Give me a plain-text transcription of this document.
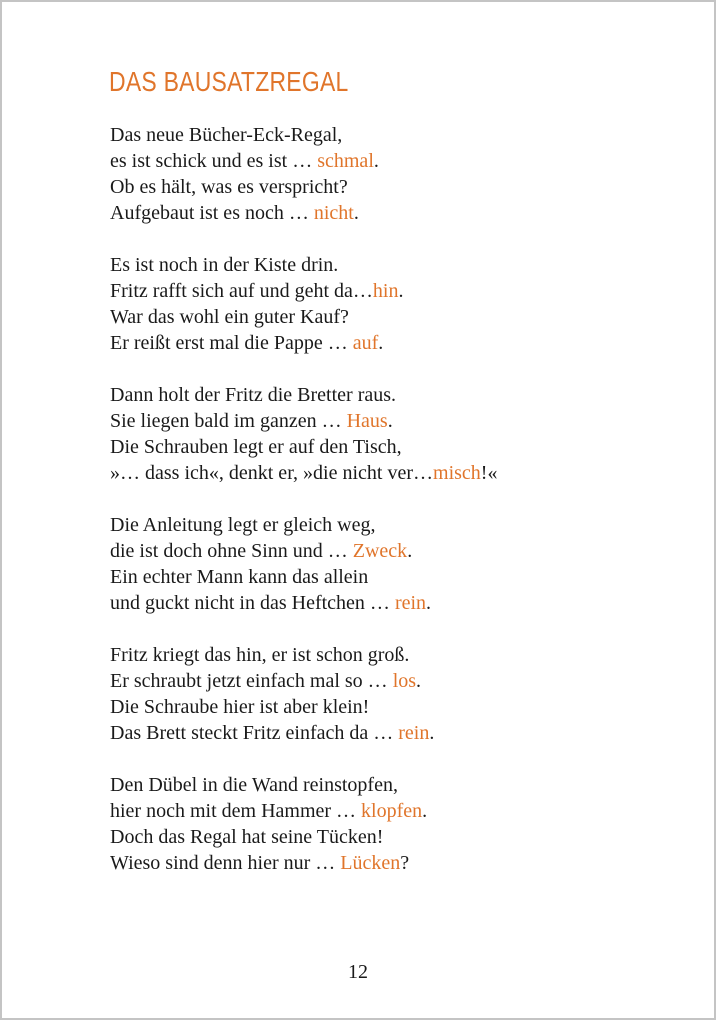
DAS BAUSATZREGAL
Das neue Bücher-Eck-Regal,
es ist schick und es ist … schmal.
Ob es hält, was es verspricht?
Aufgebaut ist es noch … nicht.
Es ist noch in der Kiste drin.
Fritz rafft sich auf und geht da…hin.
War das wohl ein guter Kauf?
Er reißt erst mal die Pappe … auf.
Dann holt der Fritz die Bretter raus.
Sie liegen bald im ganzen … Haus.
Die Schrauben legt er auf den Tisch,
»… dass ich«, denkt er, »die nicht ver…misch!«
Die Anleitung legt er gleich weg,
die ist doch ohne Sinn und … Zweck.
Ein echter Mann kann das allein
und guckt nicht in das Heftchen … rein.
Fritz kriegt das hin, er ist schon groß.
Er schraubt jetzt einfach mal so … los.
Die Schraube hier ist aber klein!
Das Brett steckt Fritz einfach da … rein.
Den Dübel in die Wand reinstopfen,
hier noch mit dem Hammer … klopfen.
Doch das Regal hat seine Tücken!
Wieso sind denn hier nur … Lücken?
12
